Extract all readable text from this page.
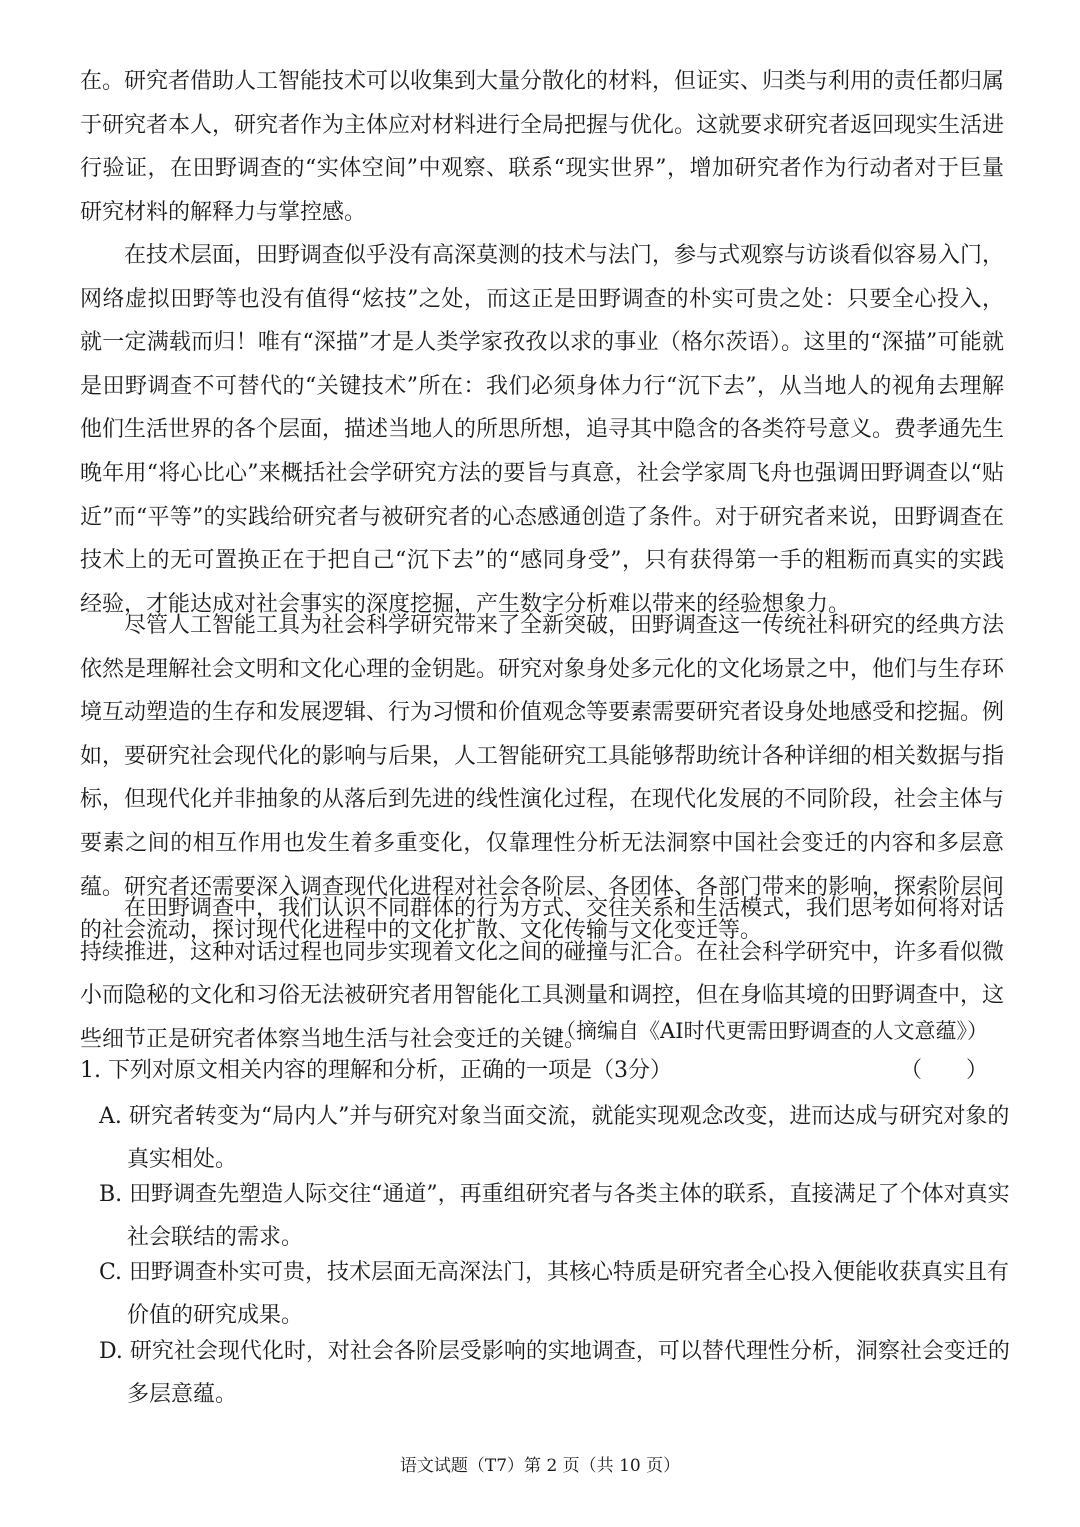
在。研究者借助人工智能技术可以收集到大量分散化的材料，但证实、归类与利用的责任都归属于研究者本人，研究者作为主体应对材料进行全局把握与优化。这就要求研究者返回现实生活进行验证，在田野调查的“实体空间”中观察、联系“现实世界”，增加研究者作为行动者对于巨量研究材料的解释力与掌控感。

在技术层面，田野调查似乎没有高深莫测的技术与法门，参与式观察与访谈看似容易入门，网络虚拟田野等也没有值得“炫技”之处，而这正是田野调查的朴实可贵之处：只要全心投入，就一定满载而归！唯有“深描”才是人类学家孜孜以求的事业（格尔茨语）。这里的“深描”可能就是田野调查不可替代的“关键技术”所在：我们必须身体力行“沉下去”，从当地人的视角去理解他们生活世界的各个层面，描述当地人的所思所想，追寻其中隐含的各类符号意义。费孝通先生晚年用“将心比心”来概括社会学研究方法的要旨与真意，社会学家周飞舟也强调田野调查以“贴近”而“平等”的实践给研究者与被研究者的心态感通创造了条件。对于研究者来说，田野调查在技术上的无可置换正在于把自己“沉下去”的“感同身受”，只有获得第一手的粗粝而真实的实践经验，才能达成对社会事实的深度挖掘，产生数字分析难以带来的经验想象力。

尽管人工智能工具为社会科学研究带来了全新突破，田野调查这一传统社科研究的经典方法依然是理解社会文明和文化心理的金钥匙。研究对象身处多元化的文化场景之中，他们与生存环境互动塑造的生存和发展逻辑、行为习惯和价值观念等要素需要研究者设身处地感受和挖掘。例如，要研究社会现代化的影响与后果，人工智能研究工具能够帮助统计各种详细的相关数据与指标，但现代化并非抽象的从落后到先进的线性演化过程，在现代化发展的不同阶段，社会主体与要素之间的相互作用也发生着多重变化，仅靠理性分析无法洞察中国社会变迁的内容和多层意蕴。研究者还需要深入调查现代化进程对社会各阶层、各团体、各部门带来的影响，探索阶层间的社会流动，探讨现代化进程中的文化扩散、文化传输与文化变迁等。

在田野调查中，我们认识不同群体的行为方式、交往关系和生活模式，我们思考如何将对话持续推进，这种对话过程也同步实现着文化之间的碰撞与汇合。在社会科学研究中，许多看似微小而隐秘的文化和习俗无法被研究者用智能化工具测量和调控，但在身临其境的田野调查中，这些细节正是研究者体察当地生活与社会变迁的关键。

（摘编自《AI时代更需田野调查的人文意蕴》）

1. 下列对原文相关内容的理解和分析，正确的一项是（3分）	（　　）

A. 研究者转变为“局内人”并与研究对象当面交流，就能实现观念改变，进而达成与研究对象的真实相处。

B. 田野调查先塑造人际交往“通道”，再重组研究者与各类主体的联系，直接满足了个体对真实社会联结的需求。

C. 田野调查朴实可贵，技术层面无高深法门，其核心特质是研究者全心投入便能收获真实且有价值的研究成果。

D. 研究社会现代化时，对社会各阶层受影响的实地调查，可以替代理性分析，洞察社会变迁的多层意蕴。

语文试题（T7）第 2 页（共 10 页）
